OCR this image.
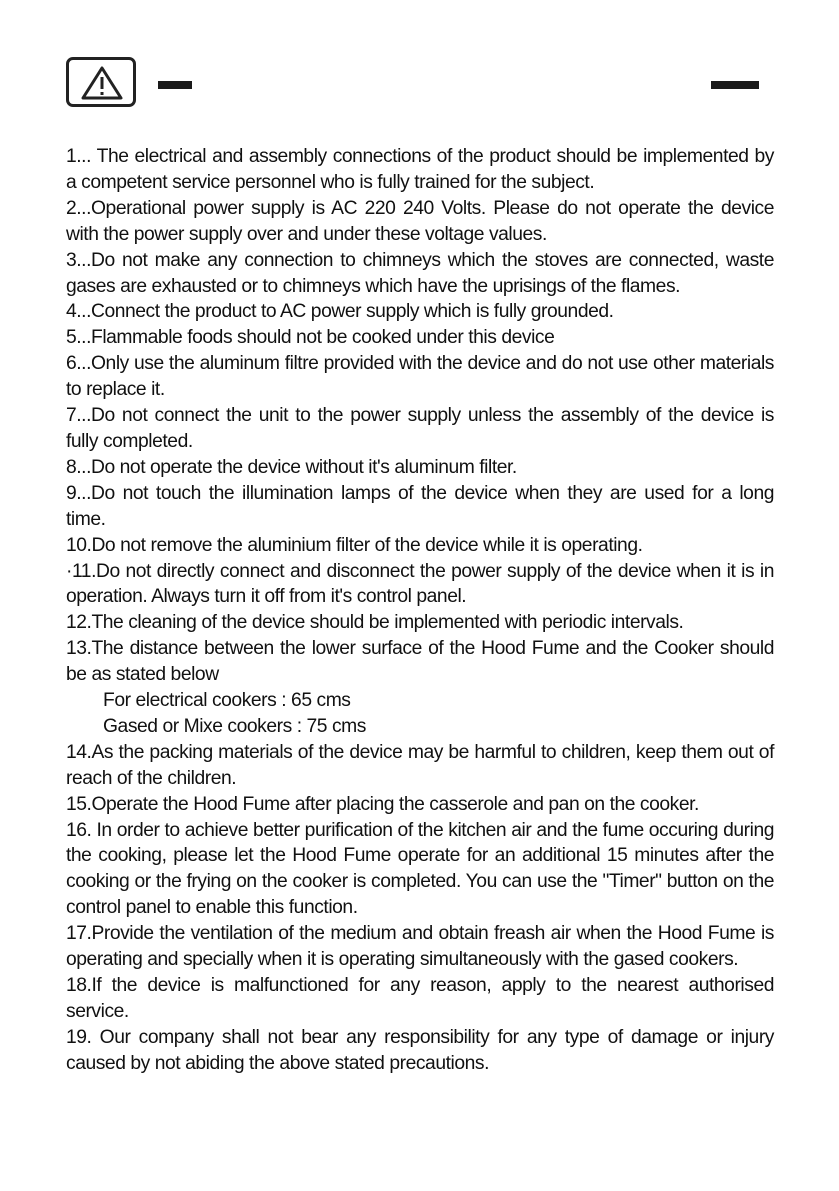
1... The electrical and assembly connections of the product should be implemented by a competent service personnel who is fully trained for the subject.

2...Operational power supply is AC 220 240 Volts. Please do not operate the device with the power supply over and under these voltage values.

3...Do not make any connection to chimneys which the stoves are connected, waste gases are exhausted or to chimneys which have the uprisings of the flames.

4...Connect the product to AC power supply which is fully grounded.

5...Flammable foods should not be cooked under this device

6...Only use the aluminum filtre provided with the device and do not use other materials to replace it.

7...Do not connect the unit to the power supply unless the assembly of the device is fully completed.

8...Do not operate the device without it's aluminum filter.

9...Do not touch the illumination lamps of the device when they are used for a long time.

10.Do not remove the aluminium filter of the device while it is operating.

·11.Do not directly connect and disconnect the power supply of the device when it is in operation. Always turn it off from it's control panel.

12.The cleaning of the device should be implemented with periodic intervals.

13.The distance between the lower surface of the Hood Fume and the Cooker should be as stated below

For electrical cookers : 65 cms

Gased or Mixe cookers : 75 cms

14.As the packing materials of the device may be harmful to children, keep them out of reach of the children.

15.Operate the Hood Fume after placing the casserole and pan on the cooker.

16. In order to achieve better purification of the kitchen air and the fume occuring during the cooking, please let the Hood Fume operate for an additional 15 minutes after the cooking or the frying on the cooker is completed. You can use the "Timer" button on the control panel to enable this function.

17.Provide the ventilation of the medium and obtain freash air when the Hood Fume is operating and specially when it is operating simultaneously with the gased cookers.

18.If the device is malfunctioned for any reason, apply to the nearest authorised service.

19. Our company shall not bear any responsibility for any type of damage or injury caused by not abiding the above stated precautions.
